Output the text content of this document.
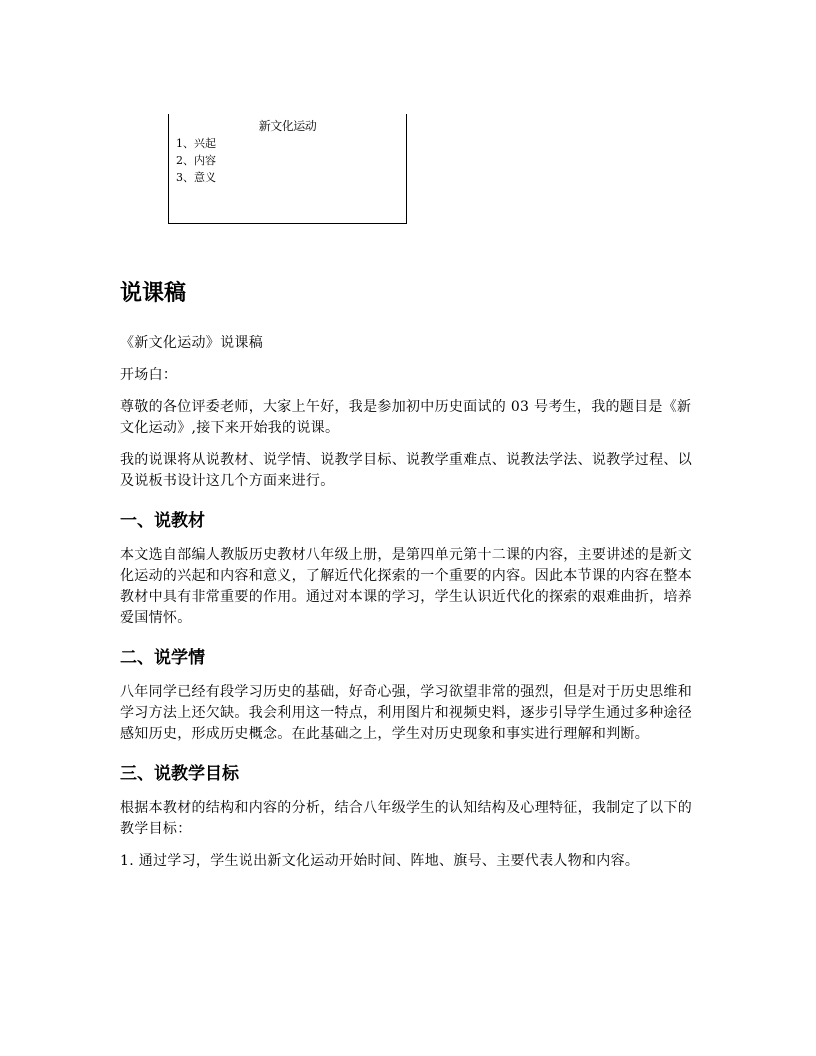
新文化运动
1、兴起
2、内容
3、意义
说课稿

《新文化运动》说课稿

开场白：

尊敬的各位评委老师，大家上午好，我是参加初中历史面试的 03 号考生，我的题目是《新文化运动》,接下来开始我的说课。

我的说课将从说教材、说学情、说教学目标、说教学重难点、说教法学法、说教学过程、以及说板书设计这几个方面来进行。

一、说教材

本文选自部编人教版历史教材八年级上册，是第四单元第十二课的内容，主要讲述的是新文化运动的兴起和内容和意义，了解近代化探索的一个重要的内容。因此本节课的内容在整本教材中具有非常重要的作用。通过对本课的学习，学生认识近代化的探索的艰难曲折，培养爱国情怀。

二、说学情

八年同学已经有段学习历史的基础，好奇心强，学习欲望非常的强烈，但是对于历史思维和学习方法上还欠缺。我会利用这一特点，利用图片和视频史料，逐步引导学生通过多种途径感知历史，形成历史概念。在此基础之上，学生对历史现象和事实进行理解和判断。

三、说教学目标

根据本教材的结构和内容的分析，结合八年级学生的认知结构及心理特征，我制定了以下的教学目标：

1. 通过学习，学生说出新文化运动开始时间、阵地、旗号、主要代表人物和内容。
